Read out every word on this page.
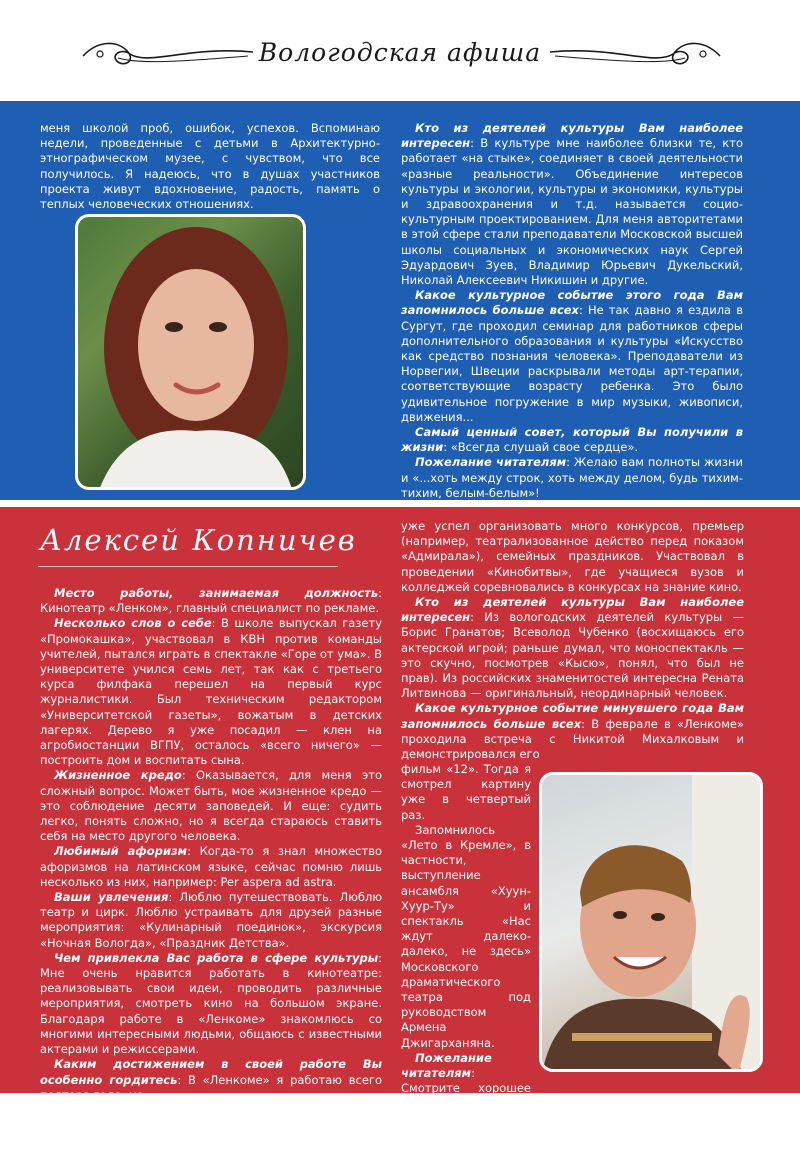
Вологодская афиша

меня школой проб, ошибок, успехов. Вспоминаю недели, проведенные с детьми в Архитектурно-этнографическом музее, с чувством, что все получилось. Я надеюсь, что в душах участников проекта живут вдохновение, радость, память о теплых человеческих отношениях.

Кто из деятелей культуры Вам наиболее интересен: В культуре мне наиболее близки те, кто работает «на стыке», соединяет в своей деятельности «разные реальности». Объединение интересов культуры и экологии, культуры и экономики, культуры и здравоохранения и т.д. называется социо-культурным проектированием. Для меня авторитетами в этой сфере стали преподаватели Московской высшей школы социальных и экономических наук Сергей Эдуардович Зуев, Владимир Юрьевич Дукельский, Николай Алексеевич Никишин и другие.

Какое культурное событие этого года Вам запомнилось больше всех: Не так давно я ездила в Сургут, где проходил семинар для работников сферы дополнительного образования и культуры «Искусство как средство познания человека». Преподаватели из Норвегии, Швеции раскрывали методы арт-терапии, соответствующие возрасту ребенка. Это было удивительное погружение в мир музыки, живописи, движения...

Самый ценный совет, который Вы получили в жизни: «Всегда слушай свое сердце».

Пожелание читателям: Желаю вам полноты жизни и «...хоть между строк, хоть между делом, будь тихим-тихим, белым-белым»!

Алексей Копничев

Место работы, занимаемая должность: Кинотеатр «Ленком», главный специалист по рекламе.

Несколько слов о себе: В школе выпускал газету «Промокашка», участвовал в КВН против команды учителей, пытался играть в спектакле «Горе от ума». В университете учился семь лет, так как с третьего курса филфака перешел на первый курс журналистики. Был техническим редактором «Университетской газеты», вожатым в детских лагерях. Дерево я уже посадил — клен на агробиостанции ВГПУ, осталось «всего ничего» — построить дом и воспитать сына.

Жизненное кредо: Оказывается, для меня это сложный вопрос. Может быть, мое жизненное кредо — это соблюдение десяти заповедей. И еще: судить легко, понять сложно, но я всегда стараюсь ставить себя на место другого человека.

Любимый афоризм: Когда-то я знал множество афоризмов на латинском языке, сейчас помню лишь несколько из них, например: Per aspera ad astra.

Ваши увлечения: Люблю путешествовать. Люблю театр и цирк. Люблю устраивать для друзей разные мероприятия: «Кулинарный поединок», экскурсия «Ночная Вологда», «Праздник Детства».

Чем привлекла Вас работа в сфере культуры: Мне очень нравится работать в кинотеатре: реализовывать свои идеи, проводить различные мероприятия, смотреть кино на большом экране. Благодаря работе в «Ленкоме» знакомлюсь со многими интересными людьми, общаюсь с известными актерами и режиссерами.

Каким достижением в своей работе Вы особенно гордитесь: В «Ленкоме» я работаю всего полтора года, но

уже успел организовать много конкурсов, премьер (например, театрализованное действо перед показом «Адмирала»), семейных праздников. Участвовал в проведении «Кинобитвы», где учащиеся вузов и колледжей соревновались в конкурсах на знание кино.

Кто из деятелей культуры Вам наиболее интересен: Из вологодских деятелей культуры — Борис Гранатов; Всеволод Чубенко (восхищаюсь его актерской игрой; раньше думал, что моноспектакль — это скучно, посмотрев «Кысю», понял, что был не прав). Из российских знаменитостей интересна Рената Литвинова — оригинальный, неординарный человек.

Какое культурное событие минувшего года Вам запомнилось больше всех: В феврале в «Ленкоме» проходила встреча с Никитой Михалковым и демонстрировался его

фильм «12». Тогда я смотрел картину уже в четвертый раз.

Запомнилось «Лето в Кремле», в частности, выступление ансамбля «Хуун-Хуур-Ту» и спектакль «Нас ждут далеко-далеко, не здесь» Московского драматического театра под руководством Армена Джигарханяна.

Пожелание читателям: Смотрите хорошее кино, берегите своих близких, цените каждый миг, наслаждайтесь жизнью!
